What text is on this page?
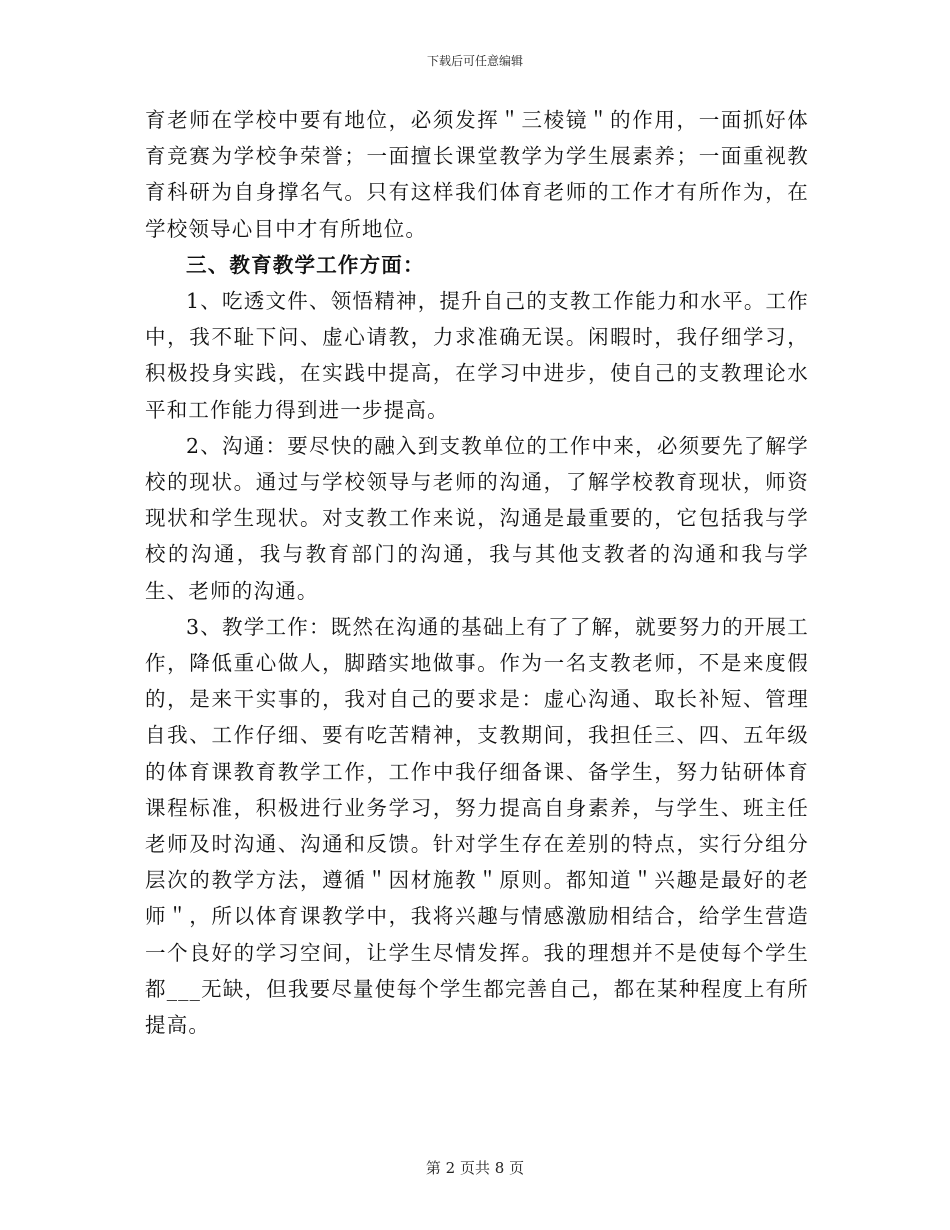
下载后可任意编辑

育老师在学校中要有地位，必须发挥＂三棱镜＂的作用，一面抓好体育竞赛为学校争荣誉；一面擅长课堂教学为学生展素养；一面重视教育科研为自身撑名气。只有这样我们体育老师的工作才有所作为，在学校领导心目中才有所地位。

三、教育教学工作方面：

1、吃透文件、领悟精神，提升自己的支教工作能力和水平。工作中，我不耻下问、虚心请教，力求准确无误。闲暇时，我仔细学习，积极投身实践，在实践中提高，在学习中进步，使自己的支教理论水平和工作能力得到进一步提高。

2、沟通：要尽快的融入到支教单位的工作中来，必须要先了解学校的现状。通过与学校领导与老师的沟通，了解学校教育现状，师资现状和学生现状。对支教工作来说，沟通是最重要的，它包括我与学校的沟通，我与教育部门的沟通，我与其他支教者的沟通和我与学生、老师的沟通。

3、教学工作：既然在沟通的基础上有了了解，就要努力的开展工作，降低重心做人，脚踏实地做事。作为一名支教老师，不是来度假的，是来干实事的，我对自己的要求是：虚心沟通、取长补短、管理自我、工作仔细、要有吃苦精神，支教期间，我担任三、四、五年级的体育课教育教学工作，工作中我仔细备课、备学生，努力钻研体育课程标准，积极进行业务学习，努力提高自身素养，与学生、班主任老师及时沟通、沟通和反馈。针对学生存在差别的特点，实行分组分层次的教学方法，遵循＂因材施教＂原则。都知道＂兴趣是最好的老师＂，所以体育课教学中，我将兴趣与情感激励相结合，给学生营造一个良好的学习空间，让学生尽情发挥。我的理想并不是使每个学生都___无缺，但我要尽量使每个学生都完善自己，都在某种程度上有所提高。

第 2 页共 8 页
